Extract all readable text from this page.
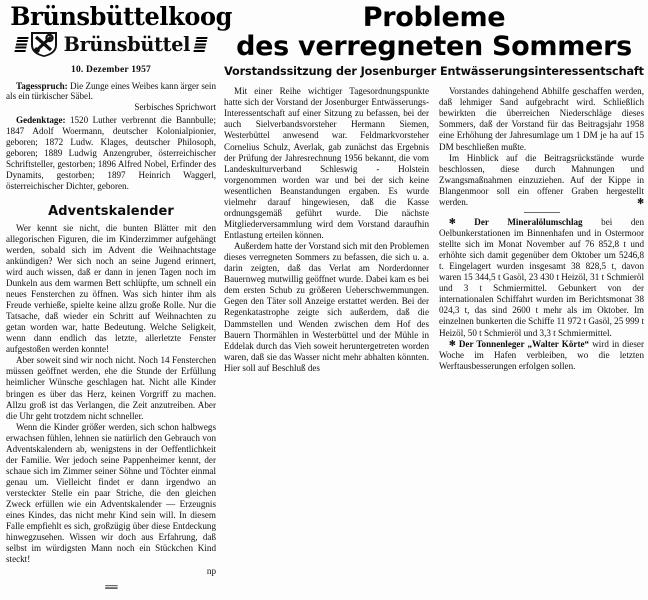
Brünsbüttelkoog
Brünsbüttel
10. Dezember 1957
Tagesspruch: Die Zunge eines Weibes kann ärger sein als ein türkischer Säbel.
Serbisches Sprichwort
Gedenktage: 1520 Luther verbrennt die Bannbulle; 1847 Adolf Woermann, deutscher Kolonialpionier, geboren; 1872 Ludw. Klages, deutscher Philosoph, geboren; 1889 Ludwig Anzengruber, österreichischer Schriftsteller, gestorben; 1896 Alfred Nobel, Erfinder des Dynamits, gestorben; 1897 Heinrich Waggerl, österreichischer Dichter, geboren.
Adventskalender

Wer kennt sie nicht, die bunten Blätter mit den allegorischen Figuren, die im Kinderzimmer aufgehängt werden, sobald sich im Advent die Weihnachtstage ankündigen? Wer sich noch an seine Jugend erinnert, wird auch wissen, daß er dann in jenen Tagen noch im Dunkeln aus dem warmen Bett schlüpfte, um schnell ein neues Fensterchen zu öffnen. Was sich hinter ihm als Freude verhieße, spielte keine allzu große Rolle. Nur die Tatsache, daß wieder ein Schritt auf Weihnachten zu getan worden war, hatte Bedeutung. Welche Seligkeit, wenn dann endlich das letzte, allerletzte Fenster aufgestoßen werden konnte!

Aber soweit sind wir noch nicht. Noch 14 Fensterchen müssen geöffnet werden, ehe die Stunde der Erfüllung heimlicher Wünsche geschlagen hat. Nicht alle Kinder bringen es über das Herz, keinen Vorgriff zu machen. Allzu groß ist das Verlangen, die Zeit anzutreiben. Aber die Uhr geht trotzdem nicht schneller.

Wenn die Kinder größer werden, sich schon halbwegs erwachsen fühlen, lehnen sie natürlich den Gebrauch von Adventskalendern ab, wenigstens in der Oeffentlichkeit der Familie. Wer jedoch seine Pappenheimer kennt, der schaue sich im Zimmer seiner Söhne und Töchter einmal genau um. Vielleicht findet er dann irgendwo an versteckter Stelle ein paar Striche, die den gleichen Zweck erfüllen wie ein Adventskalender — Erzeugnis eines Kindes, das nicht mehr Kind sein will. In diesem Falle empfiehlt es sich, großzügig über diese Entdeckung hinwegzusehen. Wissen wir doch aus Erfahrung, daß selbst im würdigsten Mann noch ein Stückchen Kind steckt!

np
≡≡≡
Probleme
des verregneten Sommers
Vorstandssitzung der Josenburger Entwässerungsinteressentschaft

Mit einer Reihe wichtiger Tagesordnungspunkte hatte sich der Vorstand der Josenburger Entwässerungs-Interessentschaft auf einer Sitzung zu befassen, bei der auch Sielverbandsvorsteher Hermann Siemen, Westerbüttel anwesend war. Feldmarkvorsteher Cornelius Schulz, Averlak, gab zunächst das Ergebnis der Prüfung der Jahresrechnung 1956 bekannt, die vom Landeskulturverband Schleswig - Holstein vorgenommen worden war und bei der sich keine wesentlichen Beanstandungen ergaben. Es wurde vielmehr darauf hingewiesen, daß die Kasse ordnungsgemäß geführt wurde. Die nächste Mitgliederversammlung wird dem Vorstand daraufhin Entlastung erteilen können.

Außerdem hatte der Vorstand sich mit den Problemen dieses verregneten Sommers zu befassen, die sich u. a. darin zeigten, daß das Verlat am Norderdonner Bauernweg mutwillig geöffnet wurde. Dabei kam es bei dem ersten Schub zu größeren Ueberschwemmungen. Gegen den Täter soll Anzeige erstattet werden. Bei der Regenkatastrophe zeigte sich außerdem, daß die Dammstellen und Wenden zwischen dem Hof des Bauern Thormählen in Westerbüttel und der Mühle in Eddelak durch das Vieh soweit heruntergetreten worden waren, daß sie das Wasser nicht mehr abhalten könnten. Hier soll auf Beschluß des

Vorstandes dahingehend Abhilfe geschaffen werden, daß lehmiger Sand aufgebracht wird. Schließlich bewirkten die überreichen Niederschläge dieses Sommers, daß der Vorstand für das Beitragsjahr 1958 eine Erhöhung der Jahresumlage um 1 DM je ha auf 15 DM beschließen mußte.

Im Hinblick auf die Beitragsrückstände wurde beschlossen, diese durch Mahnungen und Zwangsmaßnahmen einzuziehen. Auf der Kippe in Blangenmoor soll ein offener Graben hergestellt werden.	✻

✻ Der Mineralölumschlag bei den Oelbunkerstationen im Binnenhafen und in Ostermoor stellte sich im Monat November auf 76 852,8 t und erhöhte sich damit gegenüber dem Oktober um 5246,8 t. Eingelagert wurden insgesamt 38 828,5 t, davon waren 15 344,5 t Gasöl, 23 430 t Heizöl, 31 t Schmieröl und 3 t Schmiermittel. Gebunkert von der internationalen Schiffahrt wurden im Berichtsmonat 38 024,3 t, das sind 2600 t mehr als im Oktober. Im einzelnen bunkerten die Schiffe 11 972 t Gasöl, 25 999 t Heizöl, 50 t Schmieröl und 3,3 t Schmiermittel.

✻ Der Tonnenleger „Walter Körte“ wird in dieser Woche im Hafen verbleiben, wo die letzten Werftausbesserungen erfolgen sollen.
